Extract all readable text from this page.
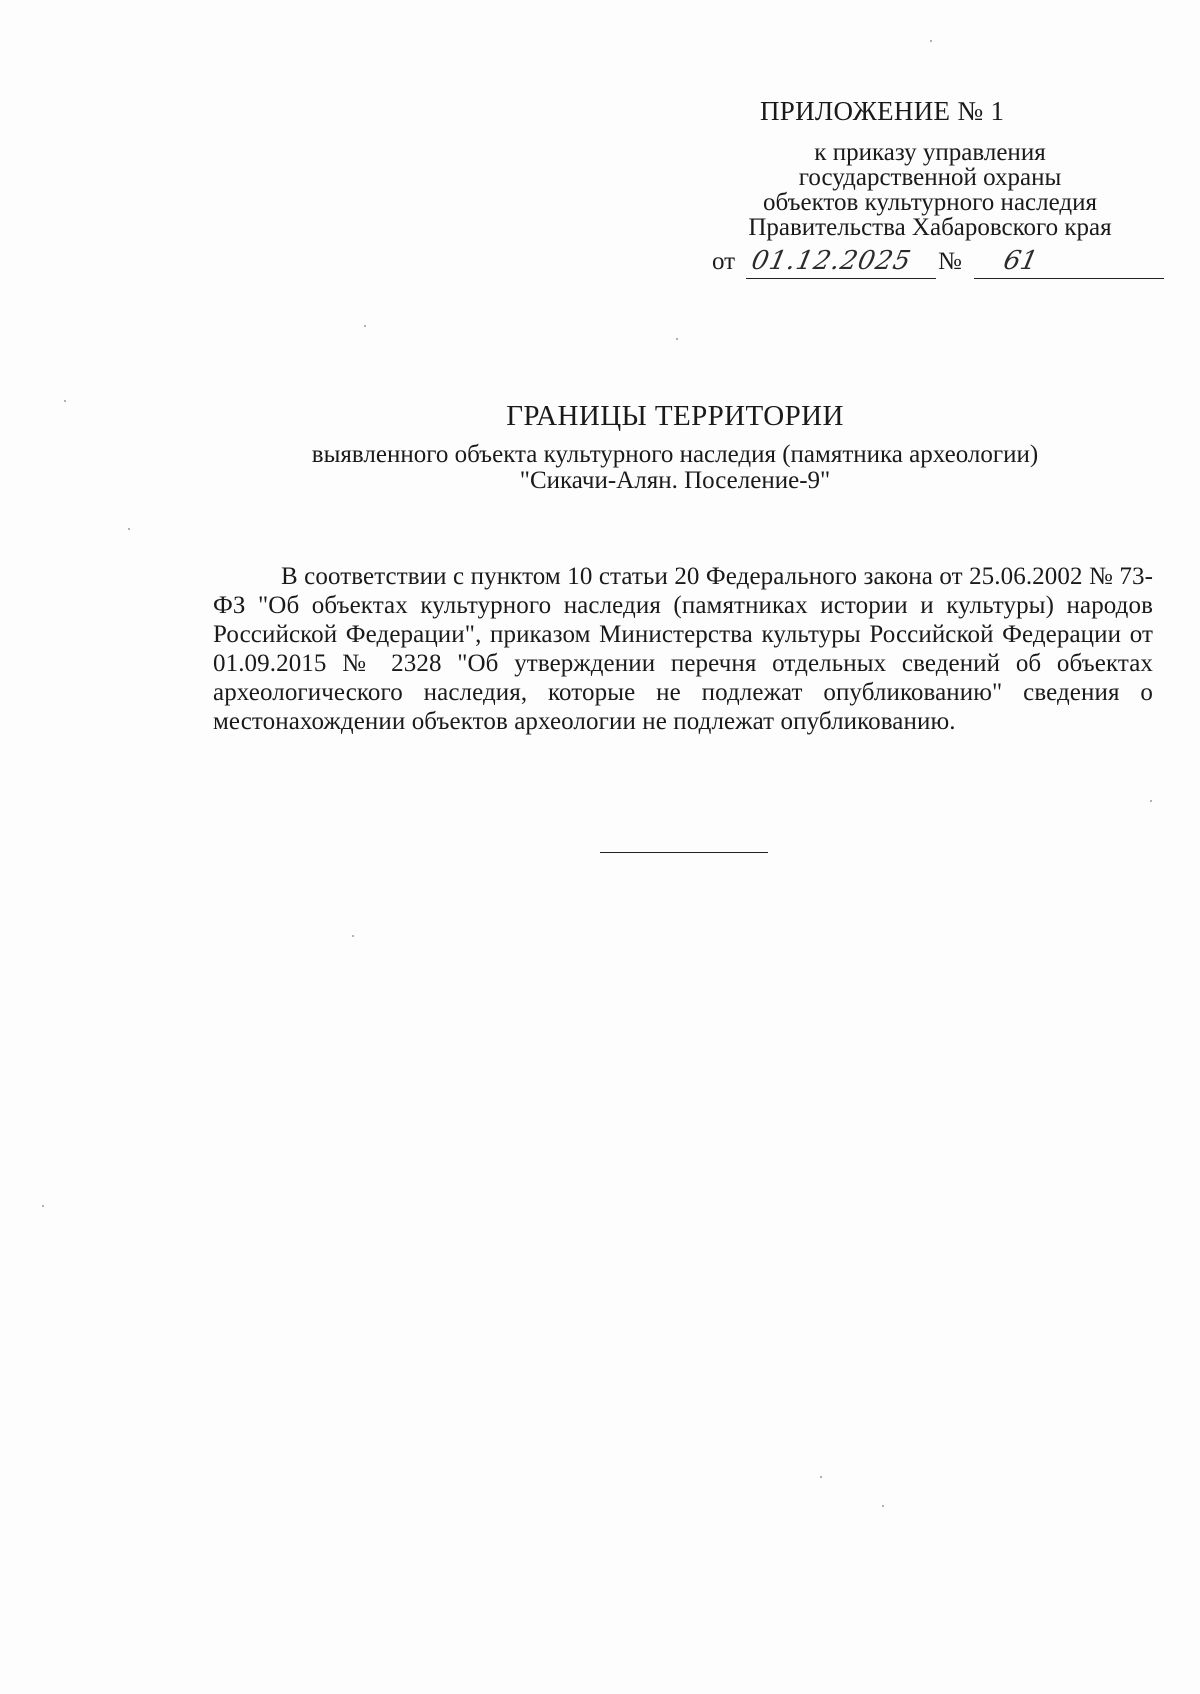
ПРИЛОЖЕНИЕ № 1
к приказу управления
государственной охраны
объектов культурного наследия
Правительства Хабаровского края
от 01.12.2025 № 61
ГРАНИЦЫ ТЕРРИТОРИИ
выявленного объекта культурного наследия (памятника археологии)
"Сикачи-Алян. Поселение-9"
В соответствии с пунктом 10 статьи 20 Федерального закона от 25.06.2002 № 73-ФЗ "Об объектах культурного наследия (памятниках истории и культуры) народов Российской Федерации", приказом Министерства культуры Российской Федерации от 01.09.2015 № 2328 "Об утверждении перечня отдельных сведений об объектах археологического наследия, которые не подлежат опубликованию" сведения о местонахождении объектов археологии не подлежат опубликованию.
